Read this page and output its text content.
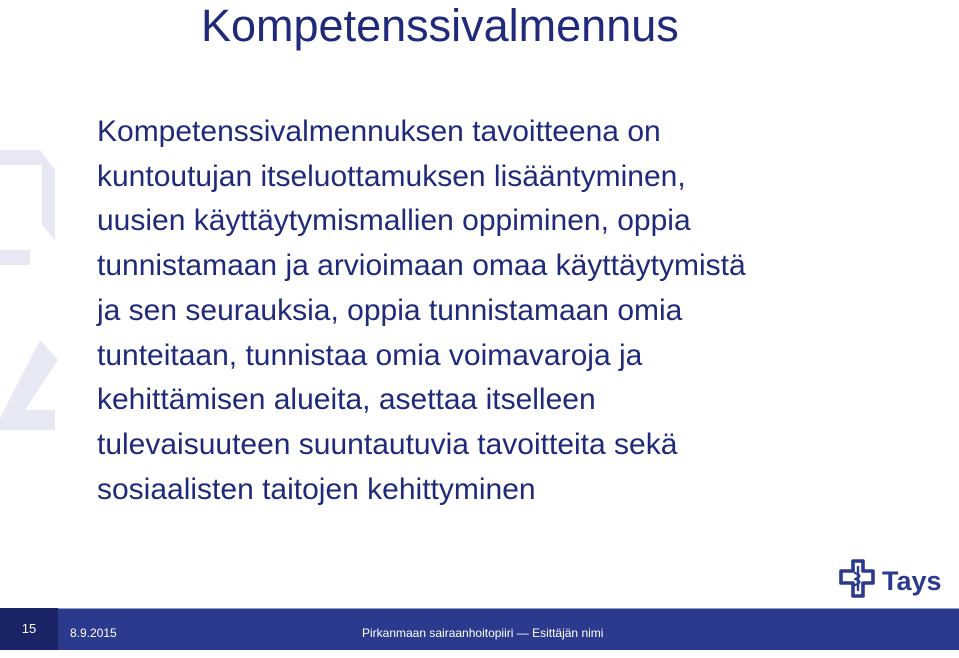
Kompetenssivalmennus
Kompetenssivalmennuksen tavoitteena on
kuntoutujan itseluottamuksen lisääntyminen,
uusien käyttäytymismallien oppiminen, oppia
tunnistamaan ja arvioimaan omaa käyttäytymistä
ja sen seurauksia, oppia tunnistamaan omia
tunteitaan, tunnistaa omia voimavaroja ja
kehittämisen alueita, asettaa itselleen
tulevaisuuteen suuntautuvia tavoitteita sekä
sosiaalisten taitojen kehittyminen
Tays
15	8.9.2015	Pirkanmaan sairaanhoitopiiri — Esittäjän nimi
